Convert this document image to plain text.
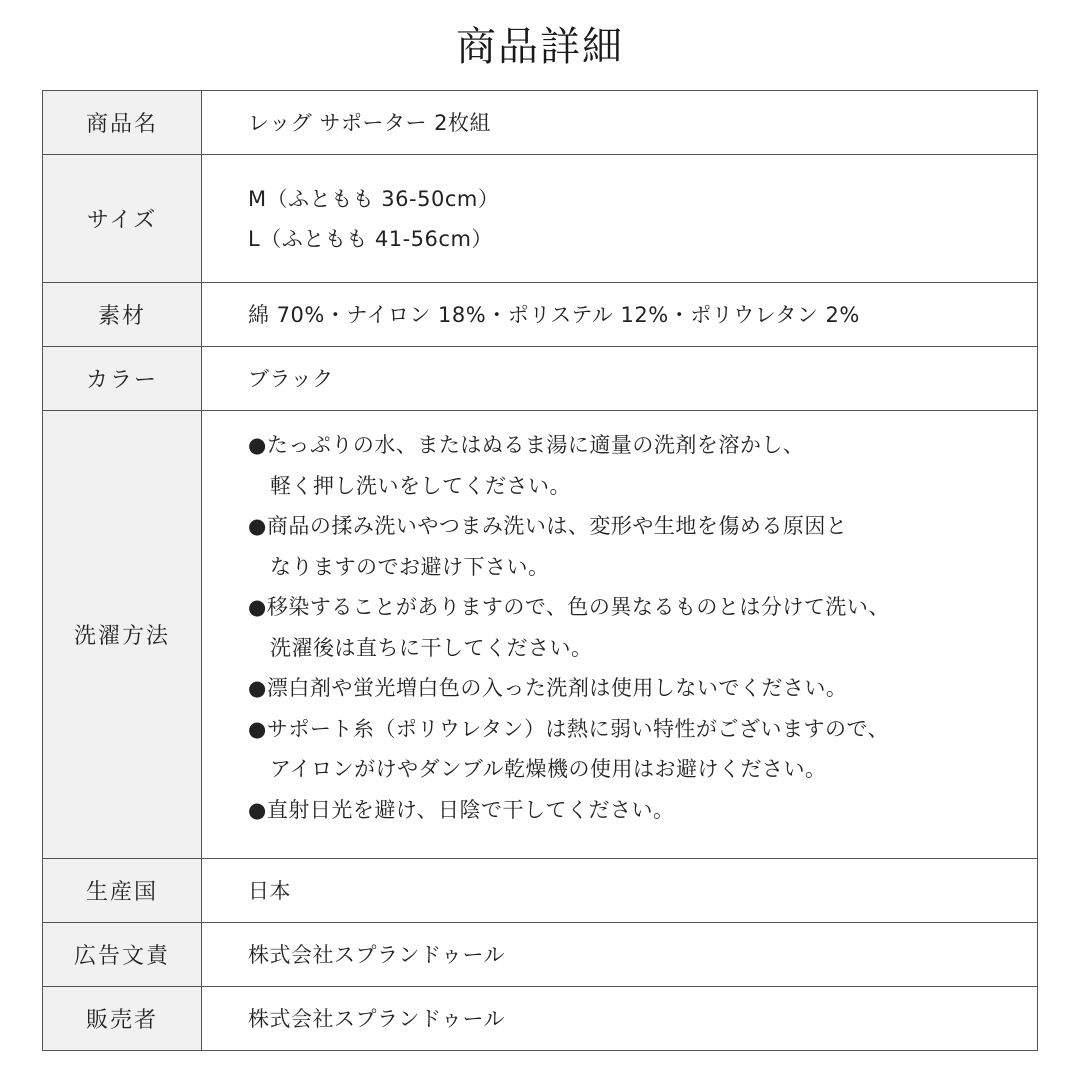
商品詳細
商品名	レッグ サポーター 2枚組

サイズ	M（ふともも 36-50cm）
L（ふともも 41-56cm）

素材	綿 70%・ナイロン 18%・ポリステル 12%・ポリウレタン 2%

カラー	ブラック

洗濯方法	
●たっぷりの水、またはぬるま湯に適量の洗剤を溶かし、
軽く押し洗いをしてください。
●商品の揉み洗いやつまみ洗いは、変形や生地を傷める原因と
なりますのでお避け下さい。
●移染することがありますので、色の異なるものとは分けて洗い、
洗濯後は直ちに干してください。
●漂白剤や蛍光増白色の入った洗剤は使用しないでください。
●サポート糸（ポリウレタン）は熱に弱い特性がございますので、
アイロンがけやダンブル乾燥機の使用はお避けください。
●直射日光を避け、日陰で干してください。

生産国	日本

広告文責	株式会社スプランドゥール

販売者	株式会社スプランドゥール
